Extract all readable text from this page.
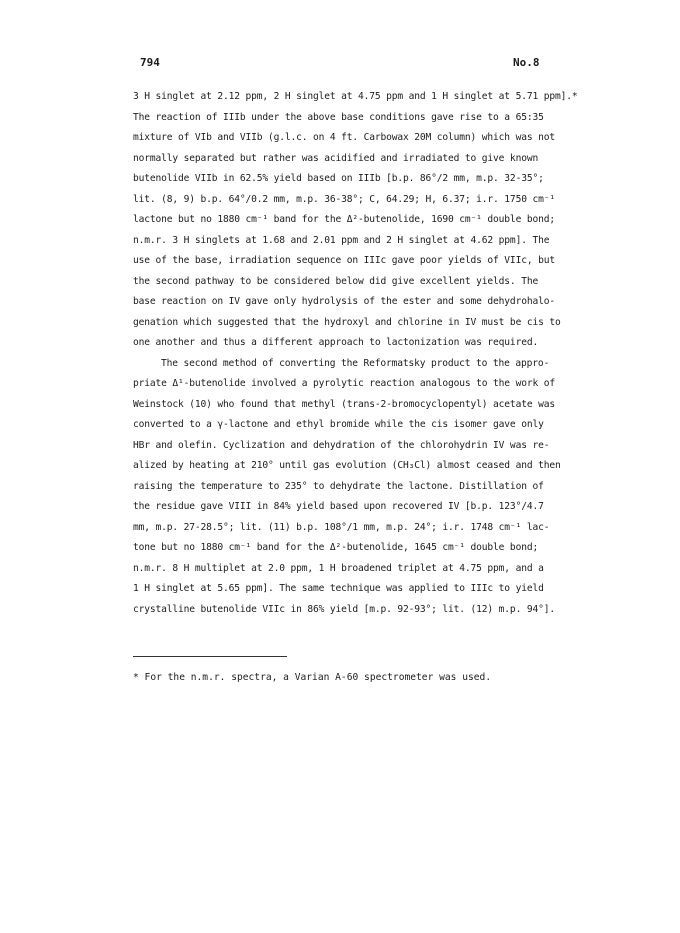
794	No.8
3 H singlet at 2.12 ppm, 2 H singlet at 4.75 ppm and 1 H singlet at 5.71 ppm].*
The reaction of IIIb under the above base conditions gave rise to a 65:35
mixture of VIb and VIIb (g.l.c. on 4 ft. Carbowax 20M column) which was not
normally separated but rather was acidified and irradiated to give known
butenolide VIIb in 62.5% yield based on IIIb [b.p. 86°/2 mm, m.p. 32-35°;
lit. (8, 9) b.p. 64°/0.2 mm, m.p. 36-38°; C, 64.29; H, 6.37; i.r. 1750 cm⁻¹
lactone but no 1880 cm⁻¹ band for the Δ²-butenolide, 1690 cm⁻¹ double bond;
n.m.r. 3 H singlets at 1.68 and 2.01 ppm and 2 H singlet at 4.62 ppm]. The
use of the base, irradiation sequence on IIIc gave poor yields of VIIc, but
the second pathway to be considered below did give excellent yields. The
base reaction on IV gave only hydrolysis of the ester and some dehydrohalo-
genation which suggested that the hydroxyl and chlorine in IV must be cis to
one another and thus a different approach to lactonization was required.
The second method of converting the Reformatsky product to the appro-
priate Δ¹-butenolide involved a pyrolytic reaction analogous to the work of
Weinstock (10) who found that methyl (trans-2-bromocyclopentyl) acetate was
converted to a γ-lactone and ethyl bromide while the cis isomer gave only
HBr and olefin. Cyclization and dehydration of the chlorohydrin IV was re-
alized by heating at 210° until gas evolution (CH₃Cl) almost ceased and then
raising the temperature to 235° to dehydrate the lactone. Distillation of
the residue gave VIII in 84% yield based upon recovered IV [b.p. 123°/4.7
mm, m.p. 27-28.5°; lit. (11) b.p. 108°/1 mm, m.p. 24°; i.r. 1748 cm⁻¹ lac-
tone but no 1880 cm⁻¹ band for the Δ²-butenolide, 1645 cm⁻¹ double bond;
n.m.r. 8 H multiplet at 2.0 ppm, 1 H broadened triplet at 4.75 ppm, and a
1 H singlet at 5.65 ppm]. The same technique was applied to IIIc to yield
crystalline butenolide VIIc in 86% yield [m.p. 92-93°; lit. (12) m.p. 94°].
* For the n.m.r. spectra, a Varian A-60 spectrometer was used.
